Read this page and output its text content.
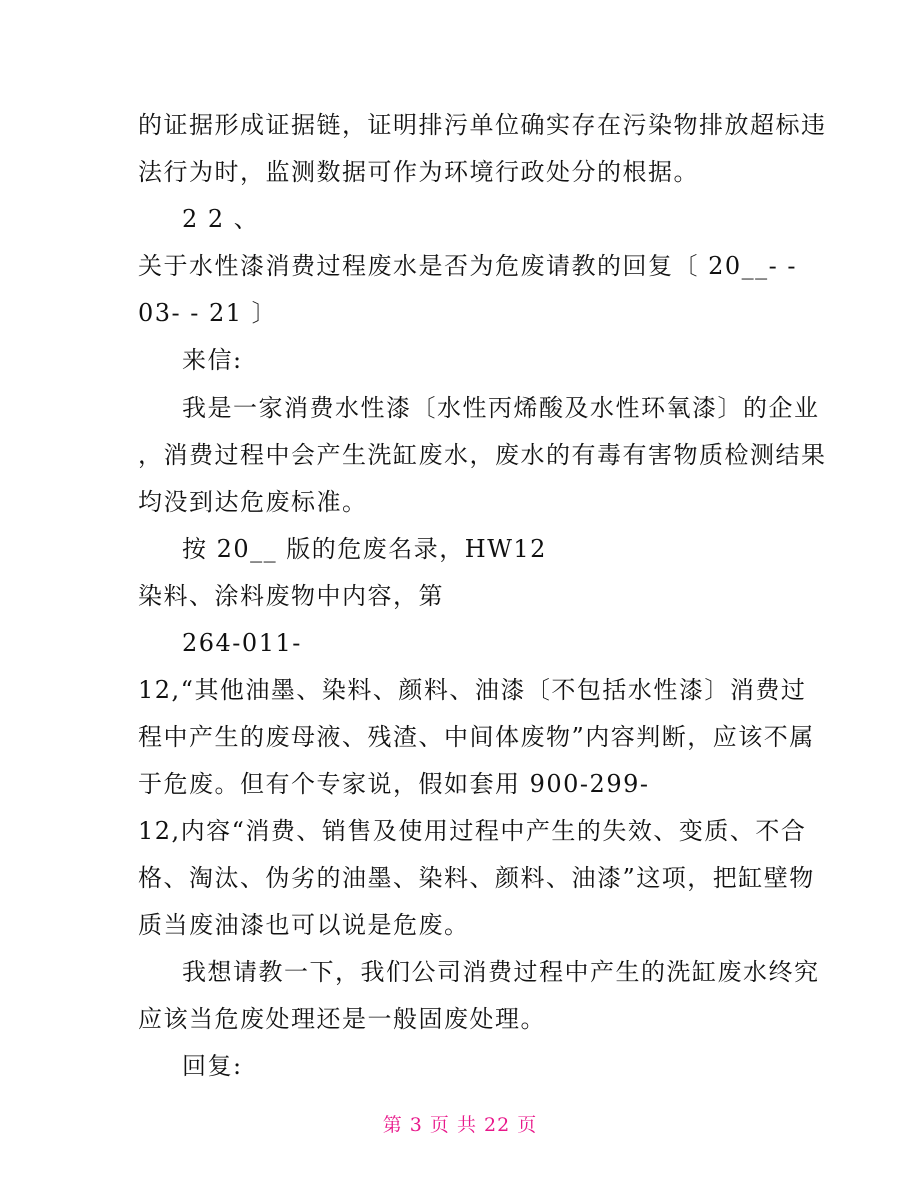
的证据形成证据链，证明排污单位确实存在污染物排放超标违
法行为时，监测数据可作为环境行政处分的根据。
2 2 、
关于水性漆消费过程废水是否为危废请教的回复〔 20__- -
03- - 21 〕
来信:
我是一家消费水性漆〔水性丙烯酸及水性环氧漆〕的企业
，消费过程中会产生洗缸废水，废水的有毒有害物质检测结果
均没到达危废标准。
按 20__ 版的危废名录，HW12
染料、涂料废物中内容，第
264-011-
12,“其他油墨、染料、颜料、油漆〔不包括水性漆〕消费过
程中产生的废母液、残渣、中间体废物”内容判断，应该不属
于危废。但有个专家说，假如套用 900-299-
12,内容“消费、销售及使用过程中产生的失效、变质、不合
格、淘汰、伪劣的油墨、染料、颜料、油漆”这项，把缸壁物
质当废油漆也可以说是危废。
我想请教一下，我们公司消费过程中产生的洗缸废水终究
应该当危废处理还是一般固废处理。
回复:
第 3 页 共 22 页
